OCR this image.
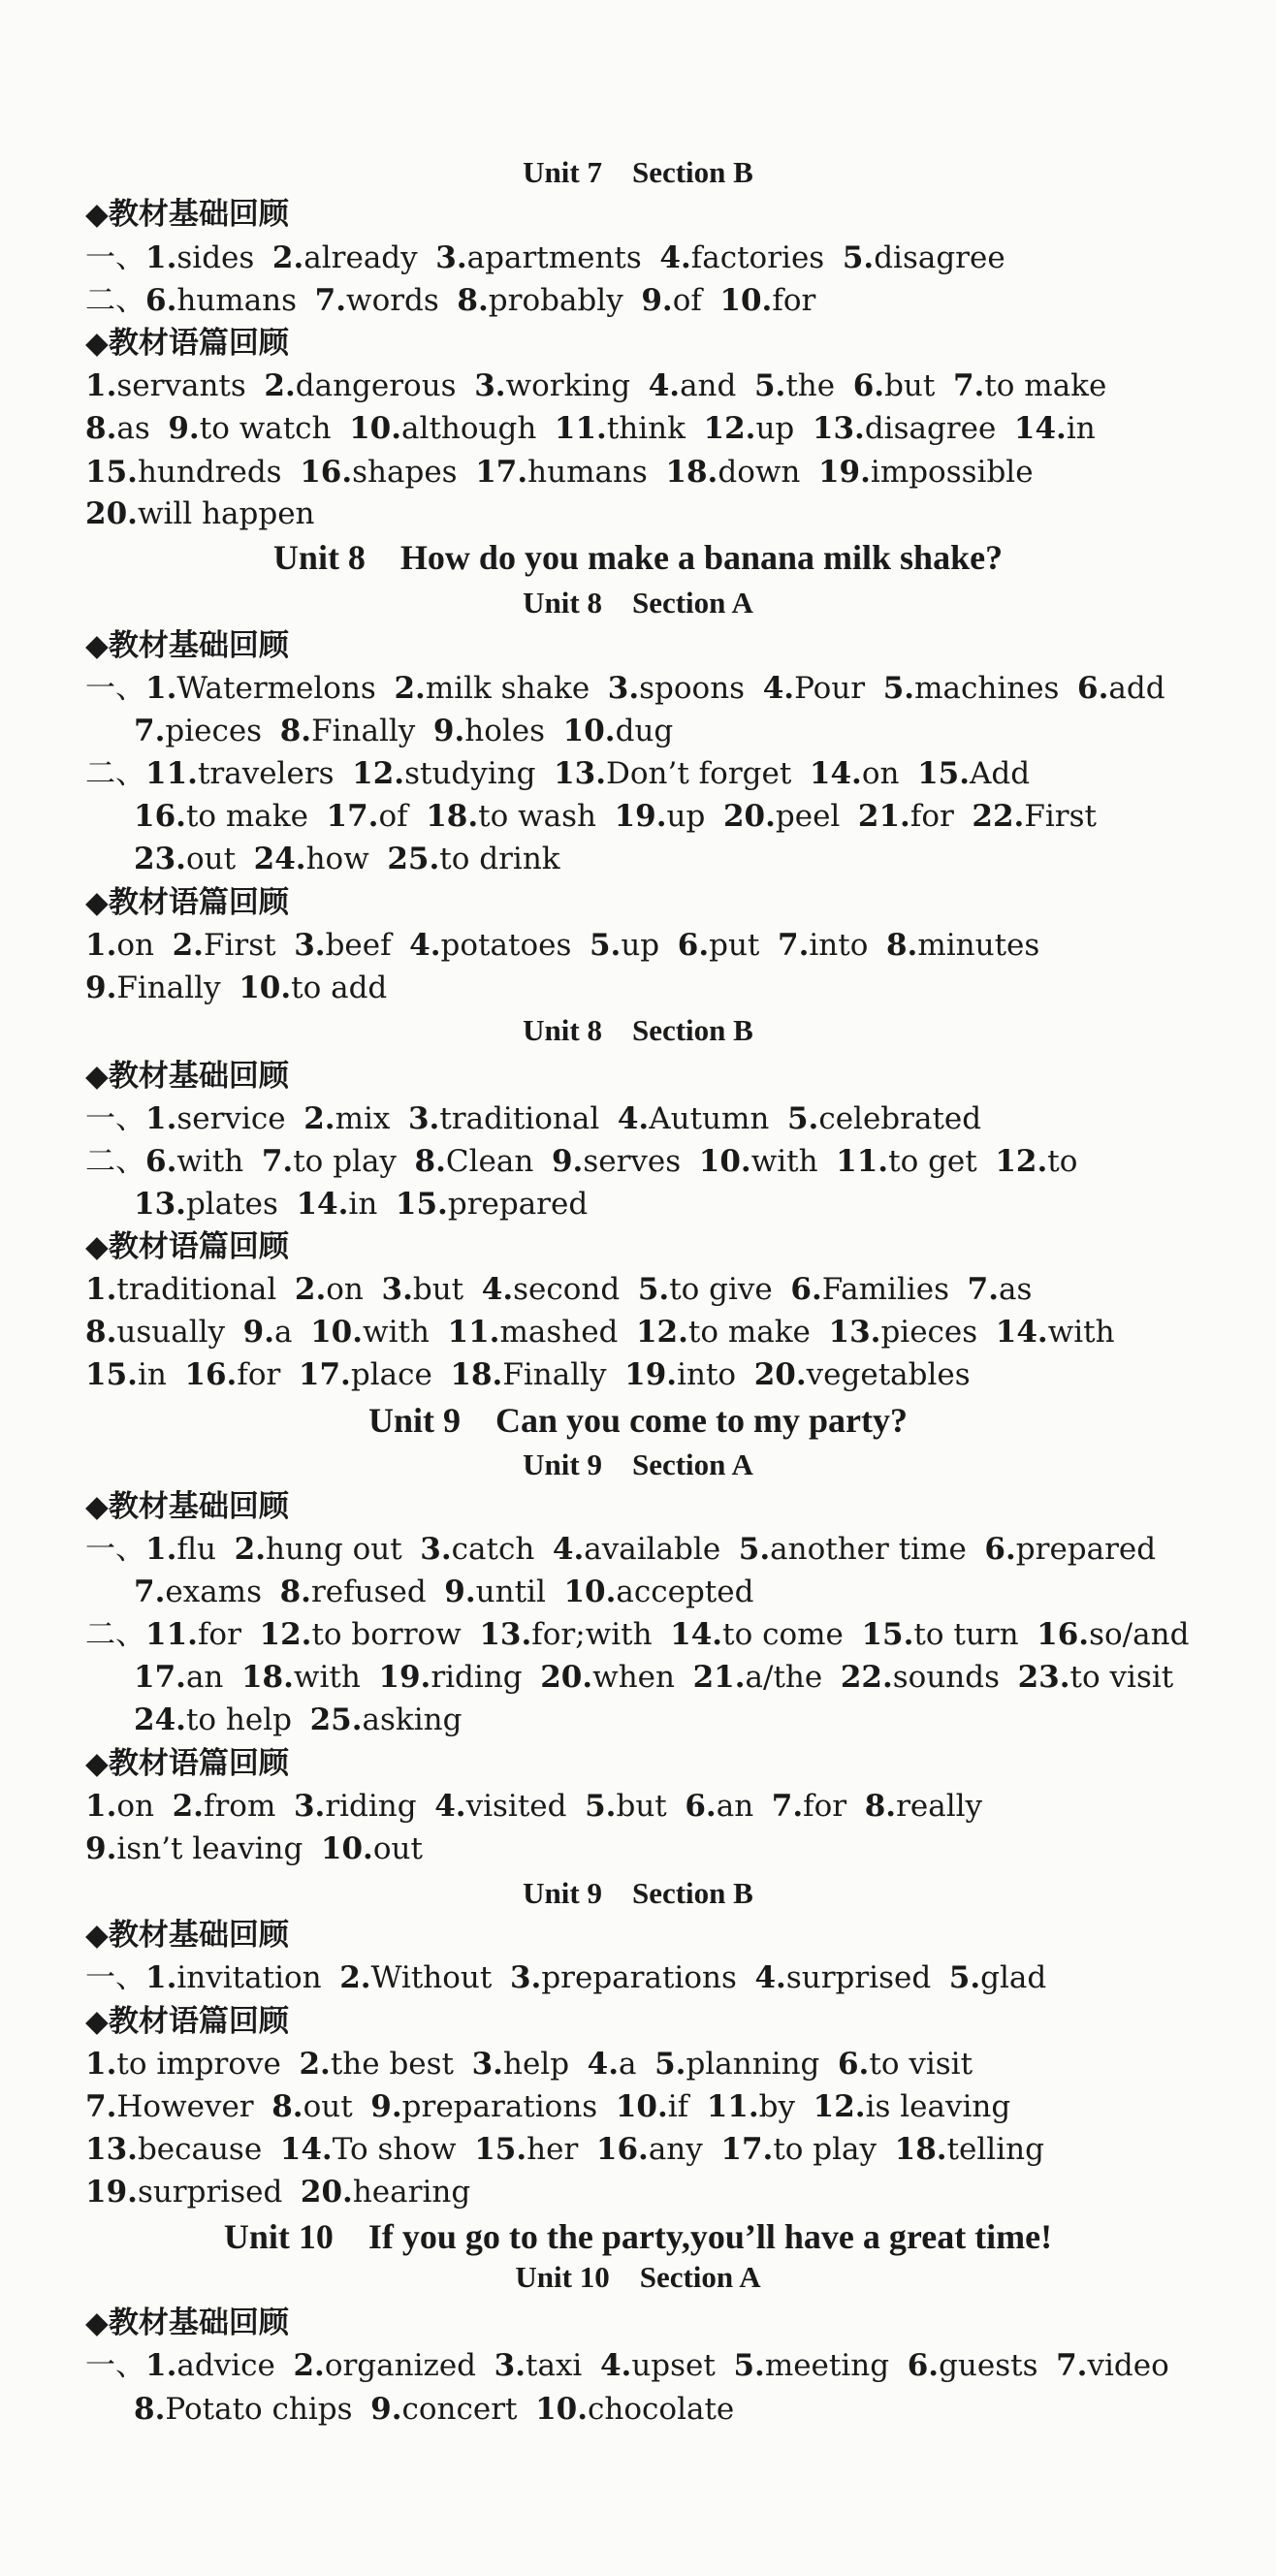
Unit 7　Section B
◆教材基础回顾
一、1.sides 2.already 3.apartments 4.factories 5.disagree
二、6.humans 7.words 8.probably 9.of 10.for
◆教材语篇回顾
1.servants 2.dangerous 3.working 4.and 5.the 6.but 7.to make
8.as 9.to watch 10.although 11.think 12.up 13.disagree 14.in
15.hundreds 16.shapes 17.humans 18.down 19.impossible
20.will happen
Unit 8　How do you make a banana milk shake?
Unit 8　Section A
◆教材基础回顾
一、1.Watermelons 2.milk shake 3.spoons 4.Pour 5.machines 6.add
7.pieces 8.Finally 9.holes 10.dug
二、11.travelers 12.studying 13.Don’t forget 14.on 15.Add
16.to make 17.of 18.to wash 19.up 20.peel 21.for 22.First
23.out 24.how 25.to drink
◆教材语篇回顾
1.on 2.First 3.beef 4.potatoes 5.up 6.put 7.into 8.minutes
9.Finally 10.to add
Unit 8　Section B
◆教材基础回顾
一、1.service 2.mix 3.traditional 4.Autumn 5.celebrated
二、6.with 7.to play 8.Clean 9.serves 10.with 11.to get 12.to
13.plates 14.in 15.prepared
◆教材语篇回顾
1.traditional 2.on 3.but 4.second 5.to give 6.Families 7.as
8.usually 9.a 10.with 11.mashed 12.to make 13.pieces 14.with
15.in 16.for 17.place 18.Finally 19.into 20.vegetables
Unit 9　Can you come to my party?
Unit 9　Section A
◆教材基础回顾
一、1.flu 2.hung out 3.catch 4.available 5.another time 6.prepared
7.exams 8.refused 9.until 10.accepted
二、11.for 12.to borrow 13.for;with 14.to come 15.to turn 16.so/and
17.an 18.with 19.riding 20.when 21.a/the 22.sounds 23.to visit
24.to help 25.asking
◆教材语篇回顾
1.on 2.from 3.riding 4.visited 5.but 6.an 7.for 8.really
9.isn’t leaving 10.out
Unit 9　Section B
◆教材基础回顾
一、1.invitation 2.Without 3.preparations 4.surprised 5.glad
◆教材语篇回顾
1.to improve 2.the best 3.help 4.a 5.planning 6.to visit
7.However 8.out 9.preparations 10.if 11.by 12.is leaving
13.because 14.To show 15.her 16.any 17.to play 18.telling
19.surprised 20.hearing
Unit 10　If you go to the party,you’ll have a great time!
Unit 10　Section A
◆教材基础回顾
一、1.advice 2.organized 3.taxi 4.upset 5.meeting 6.guests 7.video
8.Potato chips 9.concert 10.chocolate
